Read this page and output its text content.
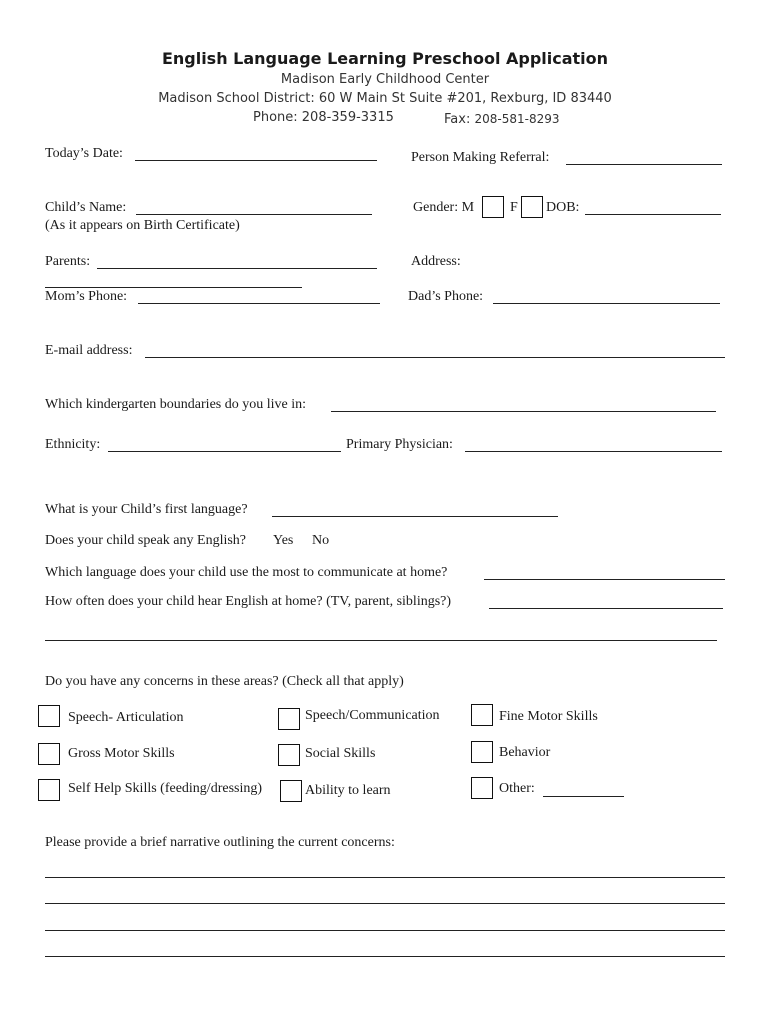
English Language Learning Preschool Application
Madison Early Childhood Center
Madison School District: 60 W Main St Suite #201, Rexburg, ID 83440
Phone: 208-359-3315	Fax: 208-581-8293
Today’s Date:	Person Making Referral:
Child’s Name:
(As it appears on Birth Certificate)
Gender: M	F DOB:
Parents:	Address:
Mom’s Phone:	Dad’s Phone:
E-mail address:
Which kindergarten boundaries do you live in:
Ethnicity:	Primary Physician:
What is your Child’s first language?
Does your child speak any English? Yes No
Which language does your child use the most to communicate at home?
How often does your child hear English at home? (TV, parent, siblings?)
Do you have any concerns in these areas? (Check all that apply)
Speech- Articulation	Speech/Communication	Fine Motor Skills
Gross Motor Skills	Social Skills	Behavior
Self Help Skills (feeding/dressing)	Ability to learn	Other:
Please provide a brief narrative outlining the current concerns:
